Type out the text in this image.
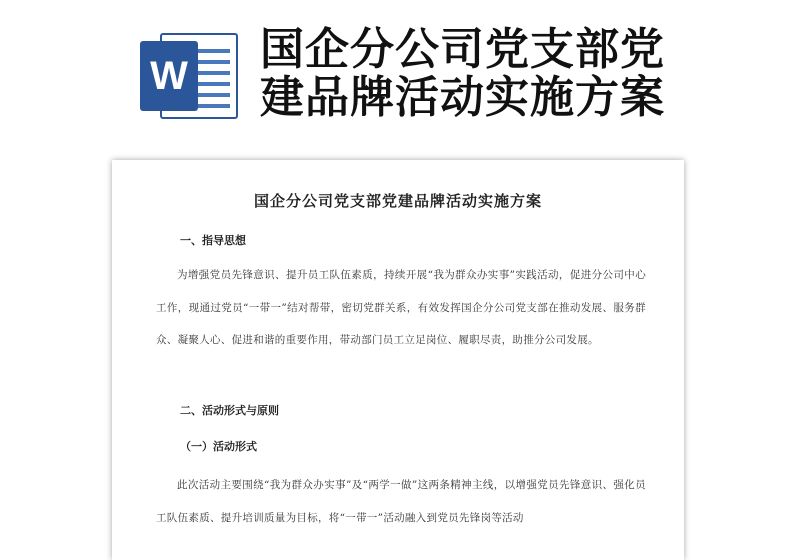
W
国企分公司党支部党
建品牌活动实施方案
国企分公司党支部党建品牌活动实施方案
一、指导思想
为增强党员先锋意识、提升员工队伍素质，持续开展“我为群众办实事”实践活动，促进分公司中心工作，现通过党员“一带一”结对帮带，密切党群关系，有效发挥国企分公司党支部在推动发展、服务群众、凝聚人心、促进和谐的重要作用，带动部门员工立足岗位、履职尽责，助推分公司发展。
二、活动形式与原则
（一）活动形式
此次活动主要围绕“我为群众办实事”及“两学一做”这两条精神主线，以增强党员先锋意识、强化员工队伍素质、提升培训质量为目标，将“一带一”活动融入到党员先锋岗等活动
